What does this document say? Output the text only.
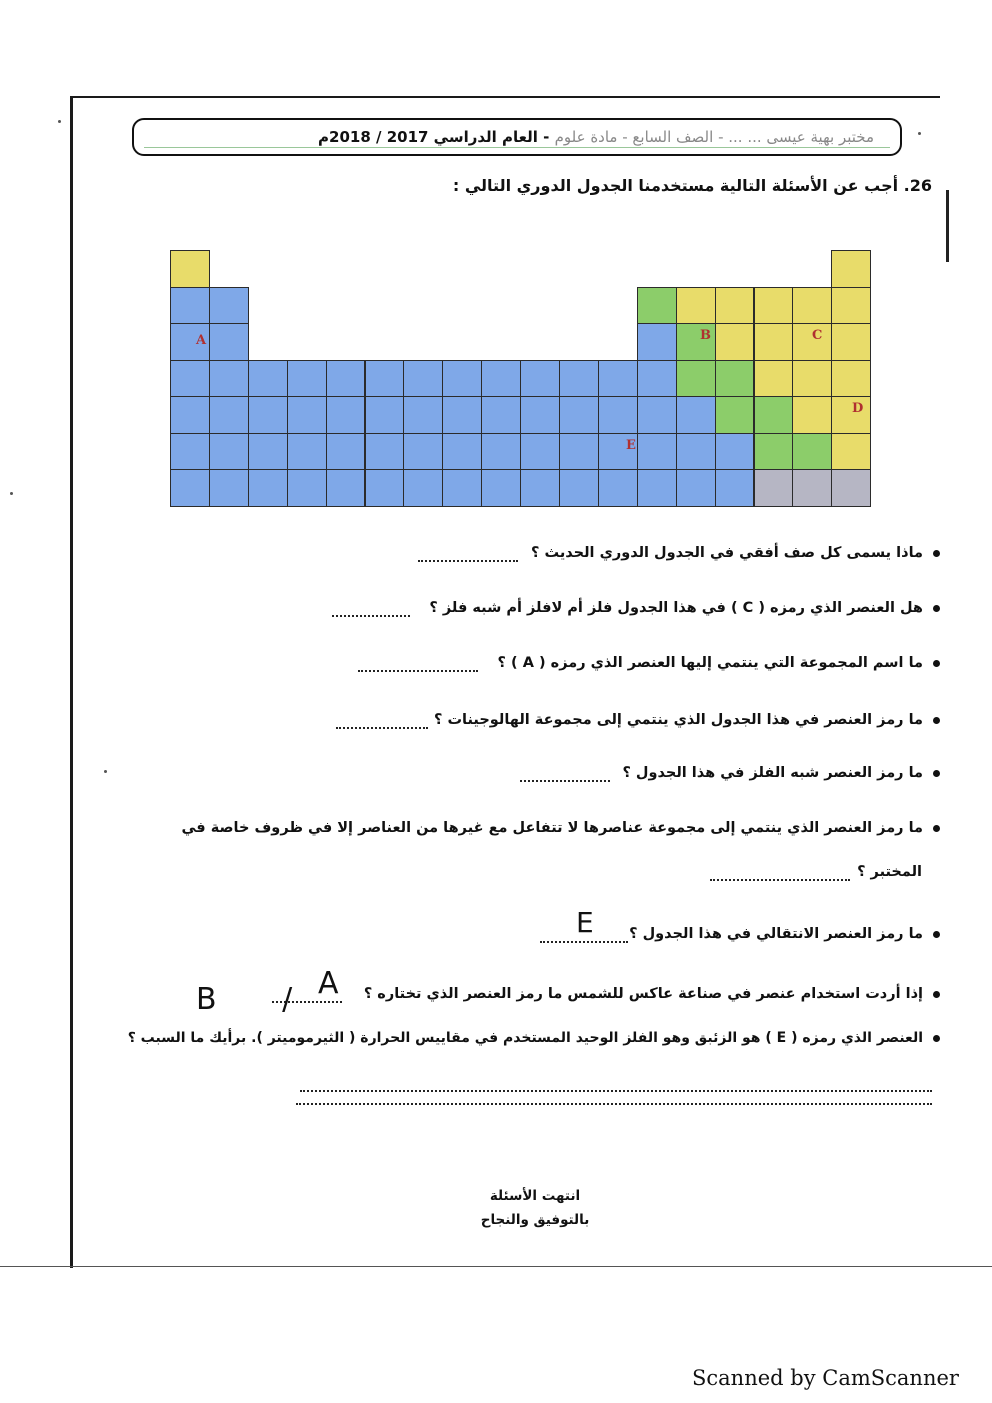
مختبر بهية عيسى ... ... - الصف السابع - مادة علوم - العام الدراسي 2017 / 2018م
26. أجب عن الأسئلة التالية مستخدمنا الجدول الدوري التالي :
A	B	C
D
E
ماذا يسمى كل صف أفقي في الجدول الدوري الحديث ؟
هل العنصر الذي رمزه ( C ) في هذا الجدول فلز أم لافلز أم شبه فلز ؟
ما اسم المجموعة التي ينتمي إليها العنصر الذي رمزه ( A ) ؟
ما رمز العنصر في هذا الجدول الذي ينتمي إلى مجموعة الهالوجينات ؟
ما رمز العنصر شبه الفلز في هذا الجدول ؟
ما رمز العنصر الذي ينتمي إلى مجموعة عناصرها لا تتفاعل مع غيرها من العناصر إلا في ظروف خاصة في
المختبر ؟
ما رمز العنصر الانتقالي في هذا الجدول ؟
E
إذا أردت استخدام عنصر في صناعة عاكس للشمس ما رمز العنصر الذي تختاره ؟
A
B /
العنصر الذي رمزه ( E ) هو الزئبق وهو الفلز الوحيد المستخدم في مقاييس الحرارة ( الثيرموميتر ). برأيك ما السبب ؟
انتهت الأسئلة
بالتوفيق والنجاح
Scanned by CamScanner
